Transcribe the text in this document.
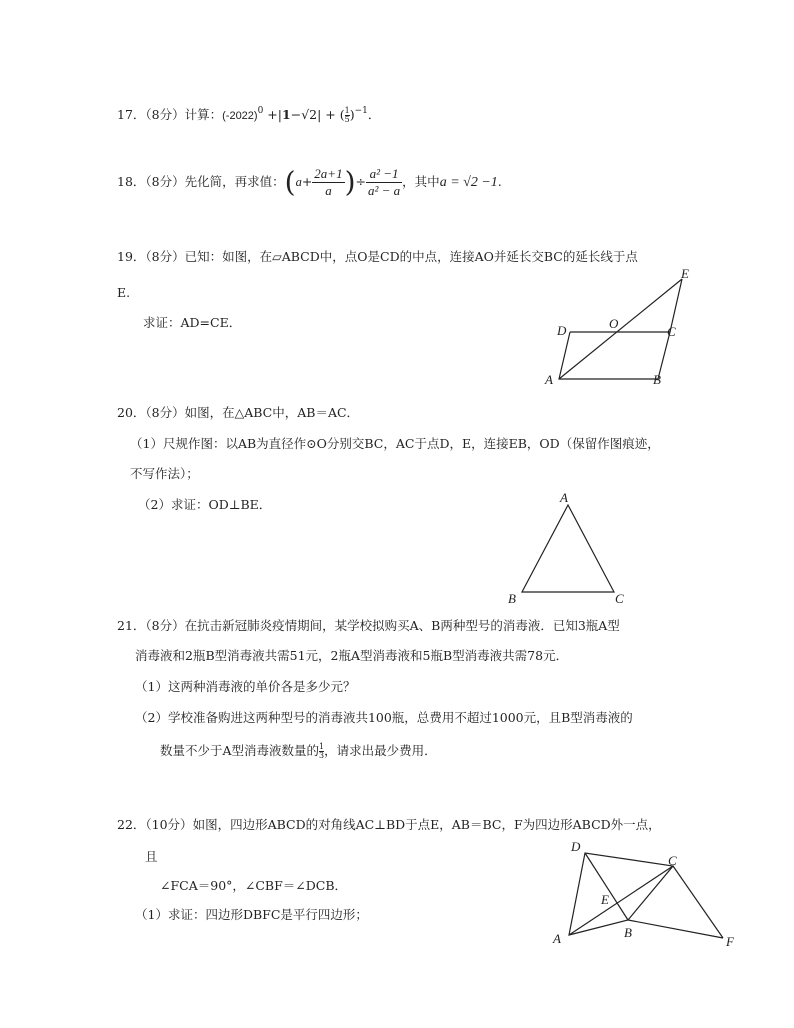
17．（8分）计算：$(-2022)^0 +|1-√2|$ + ( $\frac{1}{5} )^{-1}$．
18．（8分）先化简，再求值：($a+ \frac{2a+1}{a}$ )÷ $\frac{\text{a² −1}}{\text{a² − a}}$ ，其中a = √2 −1.
19．（8分）已知：如图，在▱ABCD中，点O是CD的中点，连接AO并延长交BC的延长线于点
E.
求证：AD=CE．
E
D	O
C
A	B
20．（8分）如图，在△ABC中，AB＝AC．
（1）尺规作图：以AB为直径作⊙O分别交BC，AC于点D，E，连接EB，OD（保留作图痕迹，
不写作法）；
（2）求证：OD⊥BE．	A
B	C
21．（8分）在抗击新冠肺炎疫情期间，某学校拟购买A、B两种型号的消毒液．已知3瓶A型
消毒液和2瓶B型消毒液共需51元，2瓶A型消毒液和5瓶B型消毒液共需78元．
（1）这两种消毒液的单价各是多少元？
（2）学校准备购进这两种型号的消毒液共100瓶，总费用不超过1000元，且B型消毒液的
数量不少于A型消毒液数量的 $\frac{1}{3}$ ，请求出最少费用．
22．（10分）如图，四边形ABCD的对角线AC⊥BD于点E，AB＝BC，F为四边形ABCD外一点，
且
∠FCA＝90°，∠CBF＝∠DCB．
（1）求证：四边形DBFC是平行四边形；
D
C
E
A	B
F
